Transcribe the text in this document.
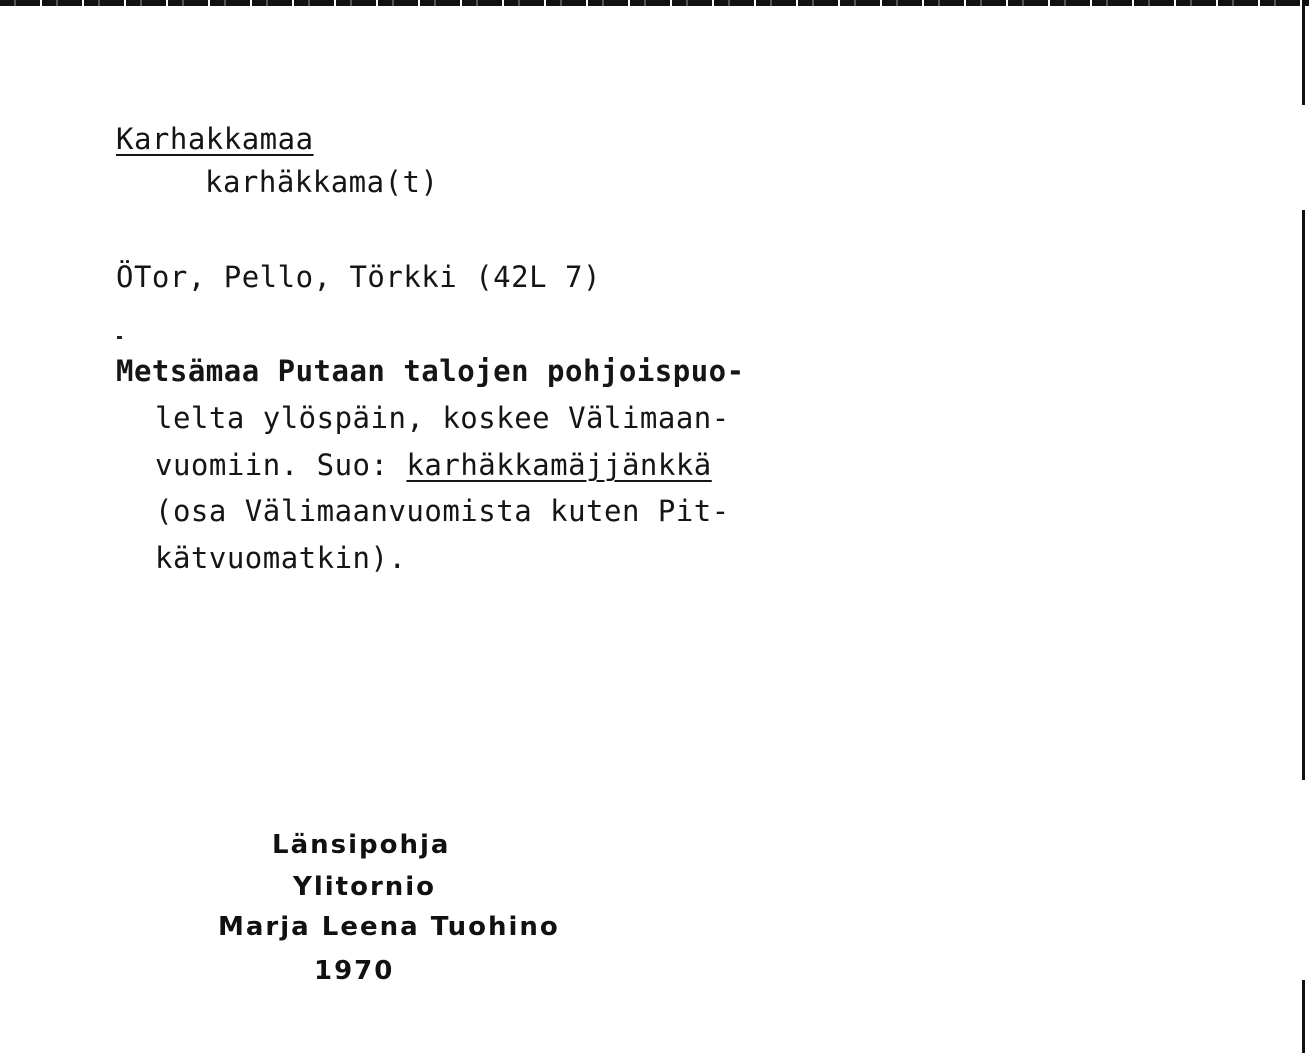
Karhakkamaa
karhäkkama(t)
ÖTor, Pello, Törkki (42L 7)
Metsämaa Putaan talojen pohjoispuo-
lelta ylöspäin, koskee Välimaan-
vuomiin. Suo: karhäkkamäjjänkkä
(osa Välimaanvuomista kuten Pit-
kätvuomatkin).
Länsipohja
Ylitornio
Marja Leena Tuohino
1970
